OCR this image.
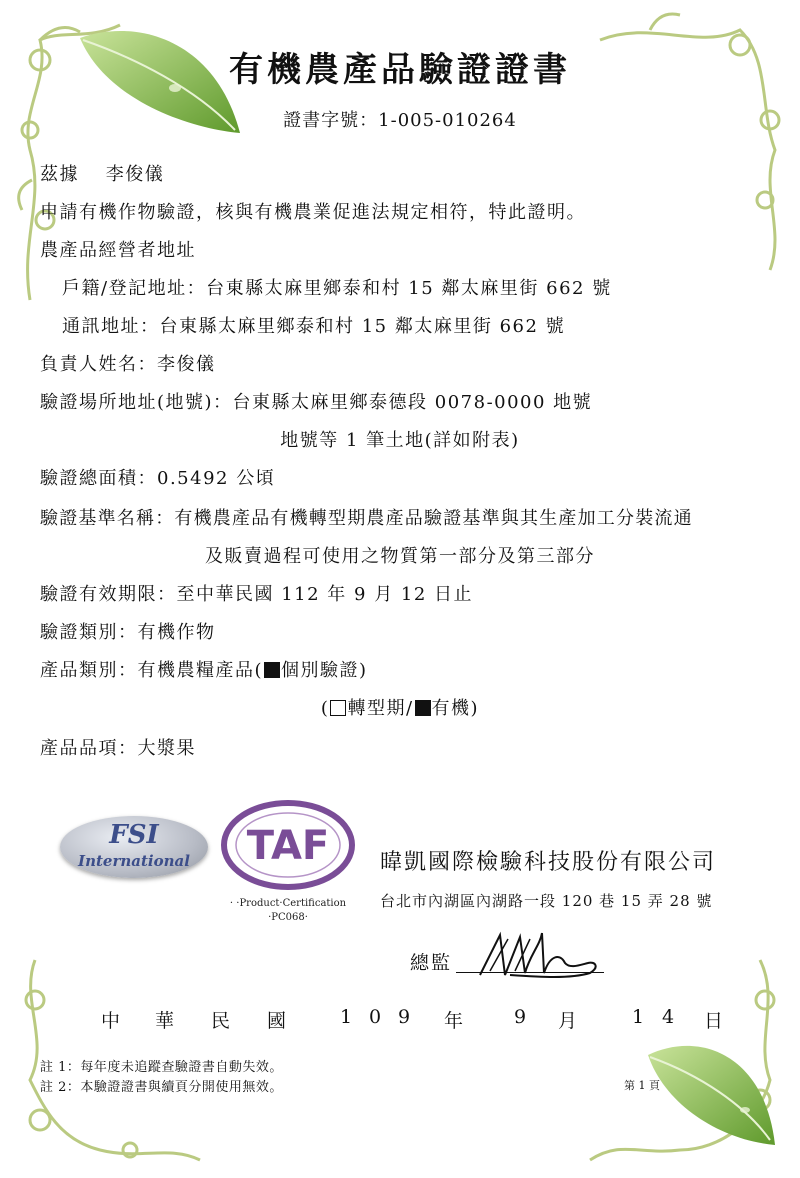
有機農產品驗證證書
證書字號：1-005-010264
茲據　 李俊儀
申請有機作物驗證，核與有機農業促進法規定相符，特此證明。
農產品經營者地址
戶籍/登記地址：台東縣太麻里鄉泰和村 15 鄰太麻里街 662 號
通訊地址：台東縣太麻里鄉泰和村 15 鄰太麻里街 662 號
負責人姓名：李俊儀
驗證場所地址(地號)：台東縣太麻里鄉泰德段 0078-0000 地號
地號等 1 筆土地(詳如附表)
驗證總面積：0.5492 公頃
驗證基準名稱：有機農產品有機轉型期農產品驗證基準與其生產加工分裝流通
及販賣過程可使用之物質第一部分及第三部分
驗證有效期限：至中華民國 112 年 9 月 12 日止
驗證類別：有機作物
產品類別：有機農糧產品( 個別驗證)
( 轉型期/ 有機)
產品品項：大漿果
FSI
International	TAF
· ·Product·Certification
·PC068·
暐凱國際檢驗科技股份有限公司
台北市內湖區內湖路一段 120 巷 15 弄 28 號
總監
中 華 民 國	1 0 9 年	9 月	1 4 日
註 1：每年度未追蹤查驗證書自動失效。
註 2：本驗證證書與續頁分開使用無效。	第 1 頁
